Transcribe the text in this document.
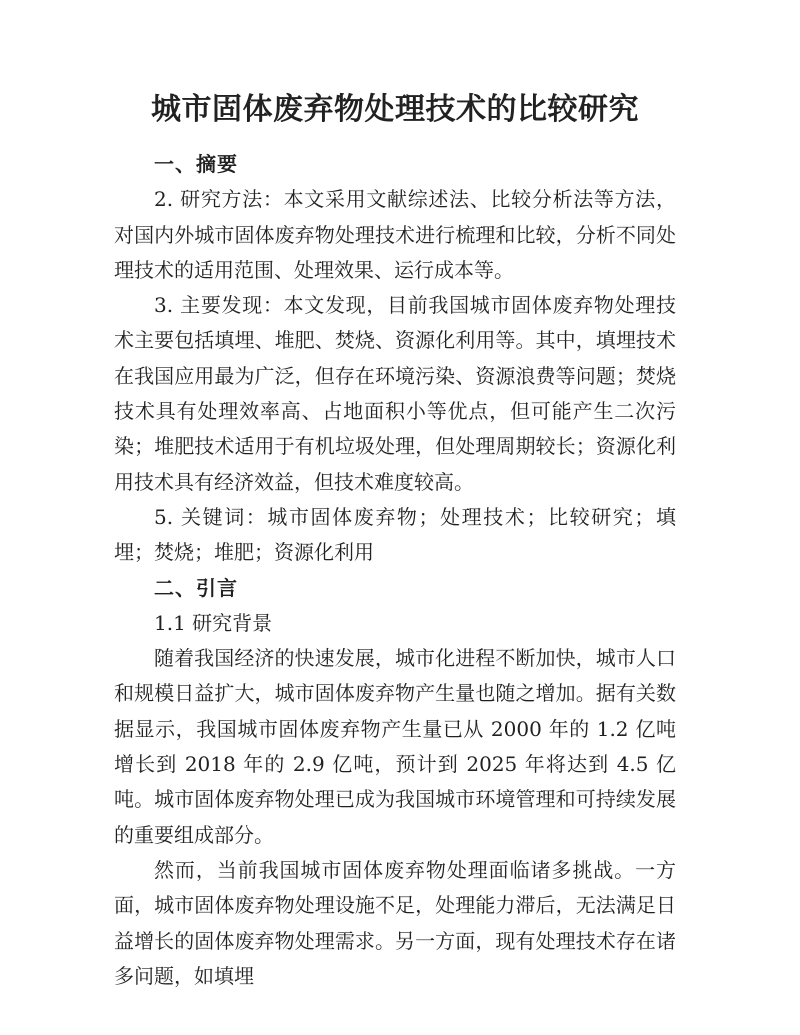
城市固体废弃物处理技术的比较研究

一、摘要

2. 研究方法：本文采用文献综述法、比较分析法等方法，对国内外城市固体废弃物处理技术进行梳理和比较，分析不同处理技术的适用范围、处理效果、运行成本等。

3. 主要发现：本文发现，目前我国城市固体废弃物处理技术主要包括填埋、堆肥、焚烧、资源化利用等。其中，填埋技术在我国应用最为广泛，但存在环境污染、资源浪费等问题；焚烧技术具有处理效率高、占地面积小等优点，但可能产生二次污染；堆肥技术适用于有机垃圾处理，但处理周期较长；资源化利用技术具有经济效益，但技术难度较高。

5. 关键词：城市固体废弃物；处理技术；比较研究；填埋；焚烧；堆肥；资源化利用

二、引言

1.1 研究背景

随着我国经济的快速发展，城市化进程不断加快，城市人口和规模日益扩大，城市固体废弃物产生量也随之增加。据有关数据显示，我国城市固体废弃物产生量已从 2000 年的 1.2 亿吨增长到 2018 年的 2.9 亿吨，预计到 2025 年将达到 4.5 亿吨。城市固体废弃物处理已成为我国城市环境管理和可持续发展的重要组成部分。

然而，当前我国城市固体废弃物处理面临诸多挑战。一方面，城市固体废弃物处理设施不足，处理能力滞后，无法满足日益增长的固体废弃物处理需求。另一方面，现有处理技术存在诸多问题，如填埋
